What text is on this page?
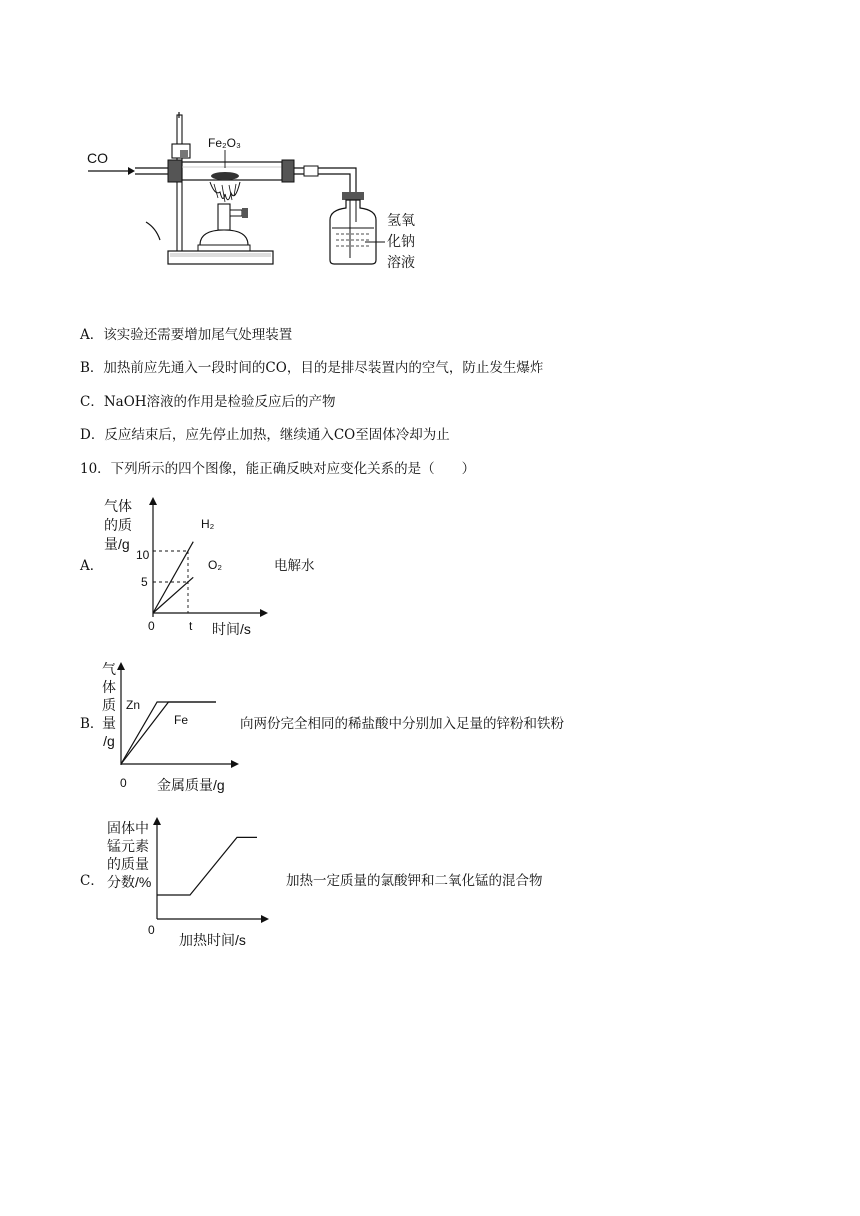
CO
Fe₂O₃
氢氧
化钠
溶液
A．该实验还需要增加尾气处理装置
B．加热前应先通入一段时间的CO，目的是排尽装置内的空气，防止发生爆炸
C．NaOH溶液的作用是检验反应后的产物
D．反应结束后，应先停止加热，继续通入CO至固体冷却为止
10．下列所示的四个图像，能正确反映对应变化关系的是（　　）
A．
气体
的质
量/g
10
5
0	t 时间/s
H₂
O₂	电解水
B．
气
体
质
量
/g
Zn
Fe
0 金属质量/g
向两份完全相同的稀盐酸中分别加入足量的锌粉和铁粉
C．
固体中
锰元素
的质量
分数/%
0
加热时间/s
加热一定质量的氯酸钾和二氧化锰的混合物
